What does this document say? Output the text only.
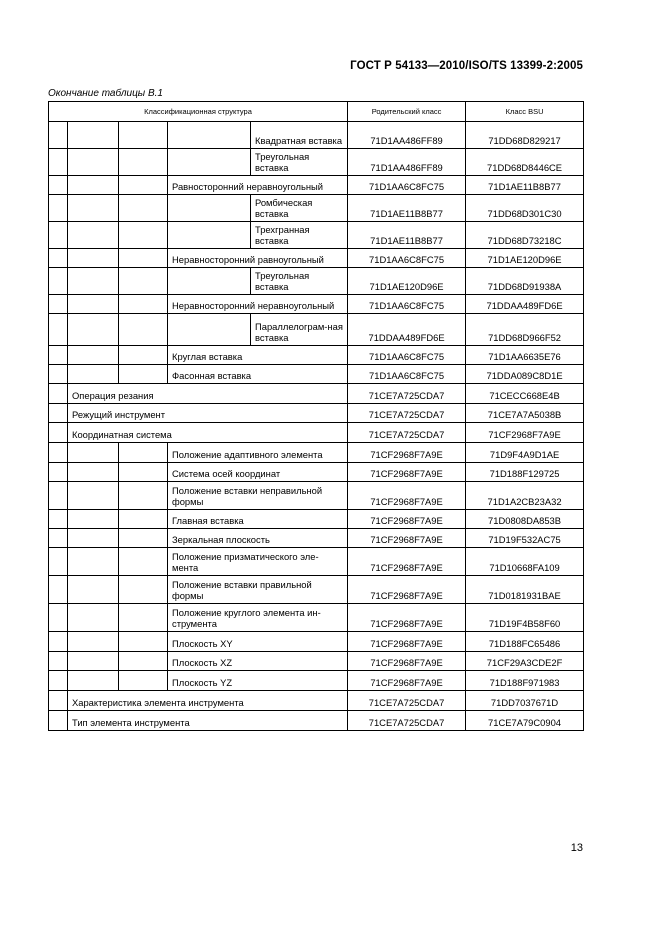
ГОСТ Р 54133—2010/ISO/TS 13399-2:2005
Окончание таблицы В.1
Классификационная структура					Родительский класс	Класс BSU
				Квадратная вставка	71D1AA486FF89	71DD68D829217
				Треугольная вставка	71D1AA486FF89	71DD68D8446CE
			Равносторонний неравноугольный		71D1AA6C8FC75	71D1AE11B8B77
				Ромбическая вставка	71D1AE11B8B77	71DD68D301C30
				Трехгранная вставка	71D1AE11B8B77	71DD68D73218C
			Неравносторонний равноугольный		71D1AA6C8FC75	71D1AE120D96E
				Треугольная вставка	71D1AE120D96E	71DD68D91938A
			Неравносторонний неравноугольный		71D1AA6C8FC75	71DDAA489FD6E
				Параллелограм-ная вставка	71DDAA489FD6E	71DD68D966F52
			Круглая вставка		71D1AA6C8FC75	71D1AA6635E76
			Фасонная вставка		71D1AA6C8FC75	71DDA089C8D1E
	Операция резания				71CE7A725CDA7	71CECC668E4B
	Режущий инструмент				71CE7A725CDA7	71CE7A7A5038B
	Координатная система				71CE7A725CDA7	71CF2968F7A9E
			Положение адаптивного элемента		71CF2968F7A9E	71D9F4A9D1AE
			Система осей координат		71CF2968F7A9E	71D188F129725
			Положение вставки неправильной формы		71CF2968F7A9E	71D1A2CB23A32
			Главная вставка		71CF2968F7A9E	71D0808DA853B
			Зеркальная плоскость		71CF2968F7A9E	71D19F532AC75
			Положение призматического эле-мента		71CF2968F7A9E	71D10668FA109
			Положение вставки правильной формы		71CF2968F7A9E	71D0181931BAE
			Положение круглого элемента ин-струмента		71CF2968F7A9E	71D19F4B58F60
			Плоскость XY		71CF2968F7A9E	71D188FC65486
			Плоскость XZ		71CF2968F7A9E	71CF29A3CDE2F
			Плоскость YZ		71CF2968F7A9E	71D188F971983
	Характеристика элемента инструмента				71CE7A725CDA7	71DD7037671D
	Тип элемента инструмента				71CE7A725CDA7	71CE7A79C0904
13
